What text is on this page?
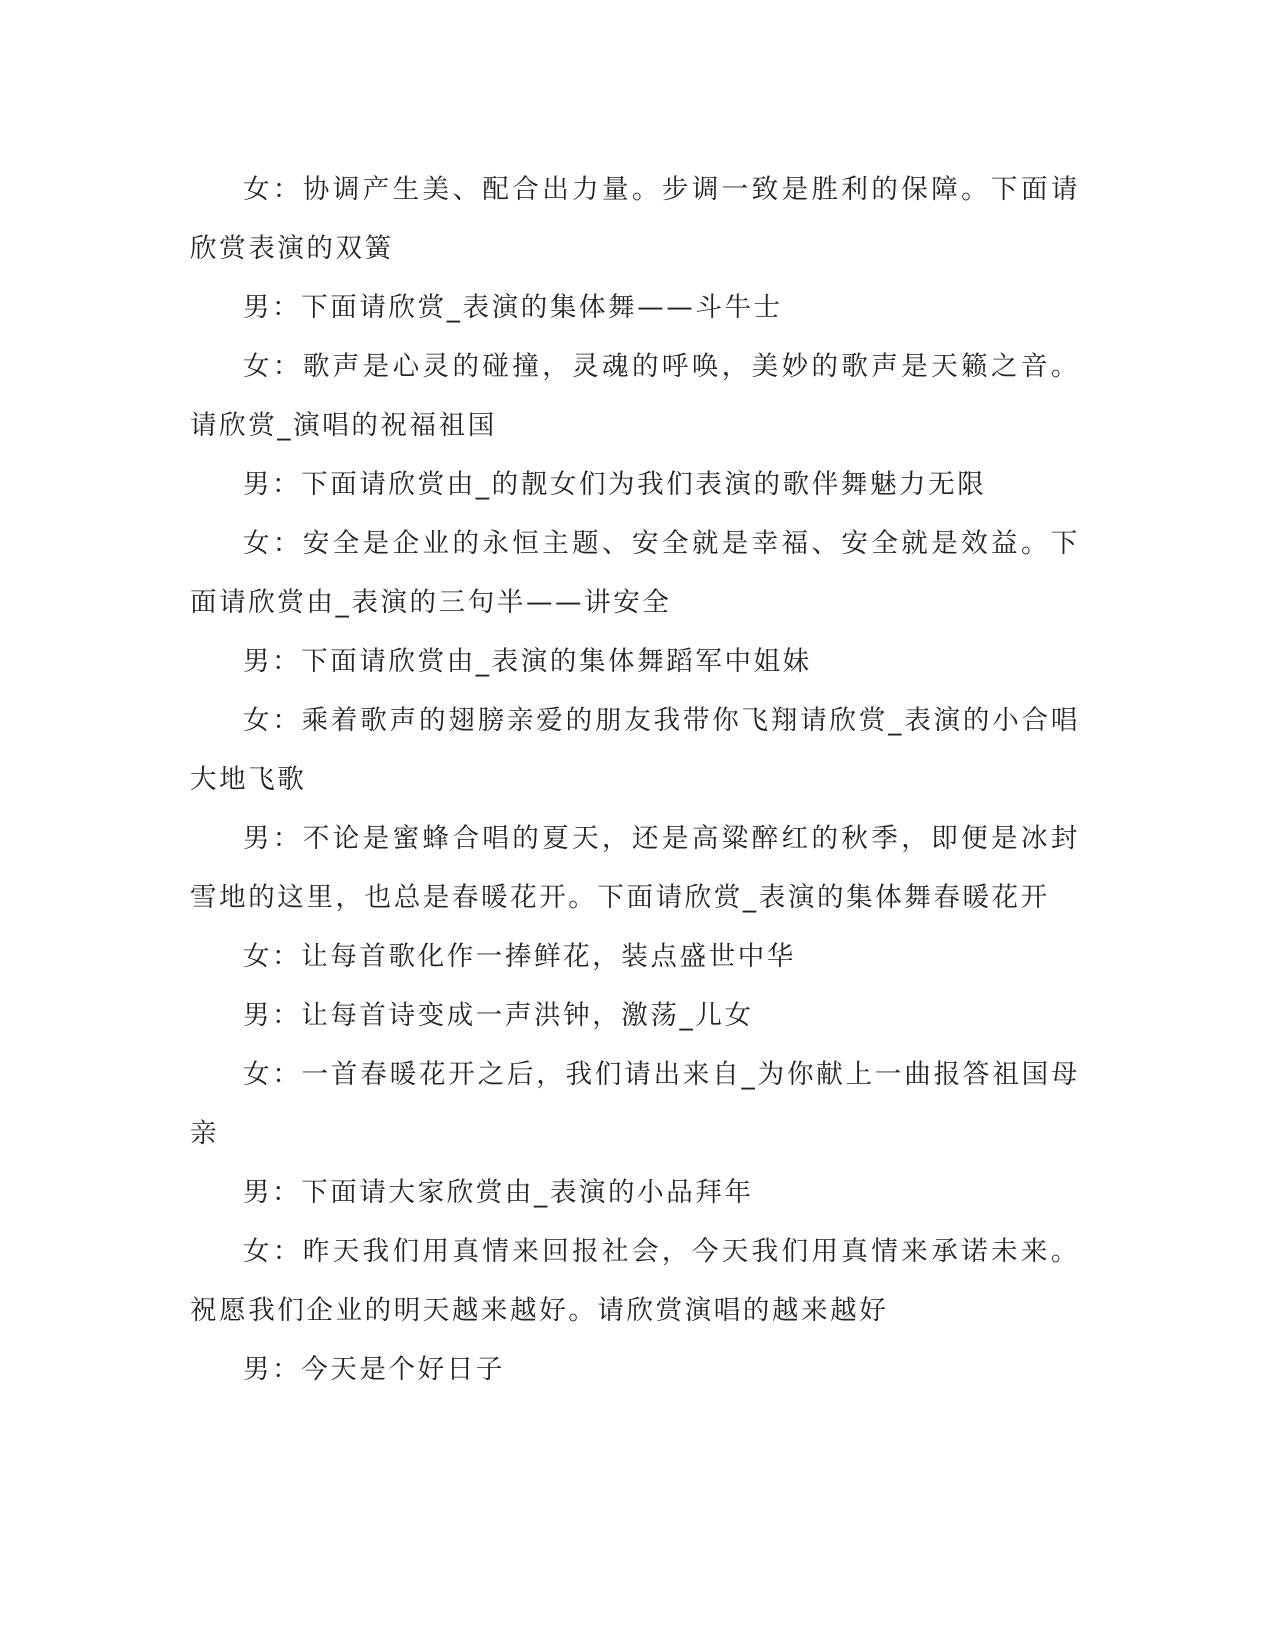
女：协调产生美、配合出力量。步调一致是胜利的保障。下面请欣赏表演的双簧

男：下面请欣赏_表演的集体舞——斗牛士

女：歌声是心灵的碰撞，灵魂的呼唤，美妙的歌声是天籁之音。请欣赏_演唱的祝福祖国

男：下面请欣赏由_的靓女们为我们表演的歌伴舞魅力无限

女：安全是企业的永恒主题、安全就是幸福、安全就是效益。下面请欣赏由_表演的三句半——讲安全

男：下面请欣赏由_表演的集体舞蹈军中姐妹

女：乘着歌声的翅膀亲爱的朋友我带你飞翔请欣赏_表演的小合唱大地飞歌

男：不论是蜜蜂合唱的夏天，还是高粱醉红的秋季，即便是冰封雪地的这里，也总是春暖花开。下面请欣赏_表演的集体舞春暖花开

女：让每首歌化作一捧鲜花，装点盛世中华

男：让每首诗变成一声洪钟，激荡_儿女

女：一首春暖花开之后，我们请出来自_为你献上一曲报答祖国母亲

男：下面请大家欣赏由_表演的小品拜年

女：昨天我们用真情来回报社会，今天我们用真情来承诺未来。祝愿我们企业的明天越来越好。请欣赏演唱的越来越好

男：今天是个好日子
